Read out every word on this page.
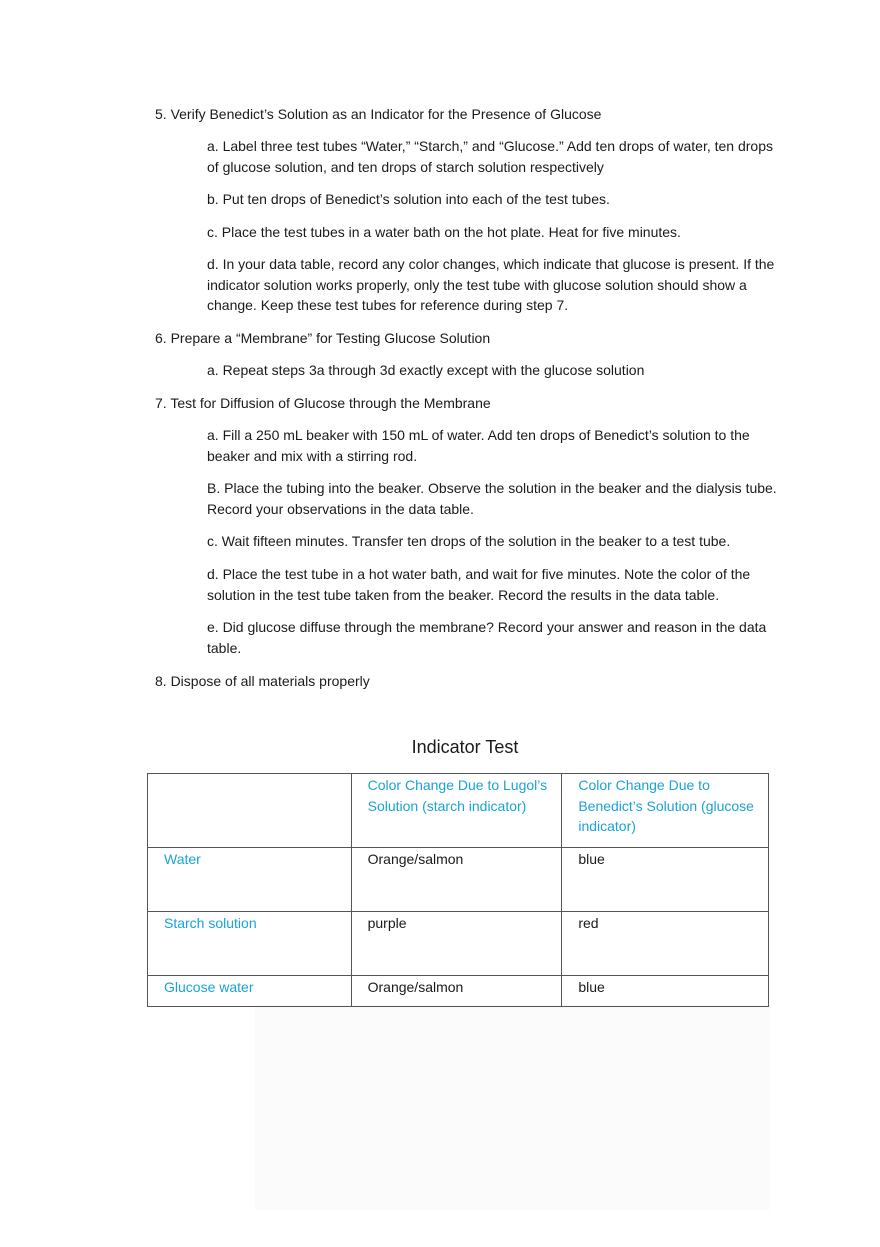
5. Verify Benedict’s Solution as an Indicator for the Presence of Glucose

a. Label three test tubes “Water,” “Starch,” and “Glucose.” Add ten drops of water, ten drops of glucose solution, and ten drops of starch solution respectively

b. Put ten drops of Benedict’s solution into each of the test tubes.

c. Place the test tubes in a water bath on the hot plate. Heat for five minutes.

d. In your data table, record any color changes, which indicate that glucose is present. If the indicator solution works properly, only the test tube with glucose solution should show a change. Keep these test tubes for reference during step 7.

6. Prepare a “Membrane” for Testing Glucose Solution

a. Repeat steps 3a through 3d exactly except with the glucose solution

7. Test for Diffusion of Glucose through the Membrane

a. Fill a 250 mL beaker with 150 mL of water. Add ten drops of Benedict’s solution to the beaker and mix with a stirring rod.

B. Place the tubing into the beaker. Observe the solution in the beaker and the dialysis tube. Record your observations in the data table.

c. Wait fifteen minutes. Transfer ten drops of the solution in the beaker to a test tube.

d. Place the test tube in a hot water bath, and wait for five minutes. Note the color of the solution in the test tube taken from the beaker. Record the results in the data table.

e. Did glucose diffuse through the membrane? Record your answer and reason in the data table.

8. Dispose of all materials properly

Indicator Test
	Color Change Due to Lugol’s Solution (starch indicator)	Color Change Due to Benedict’s Solution (glucose indicator)
Water	Orange/salmon	blue
Starch solution	purple	red
Glucose water	Orange/salmon	blue
